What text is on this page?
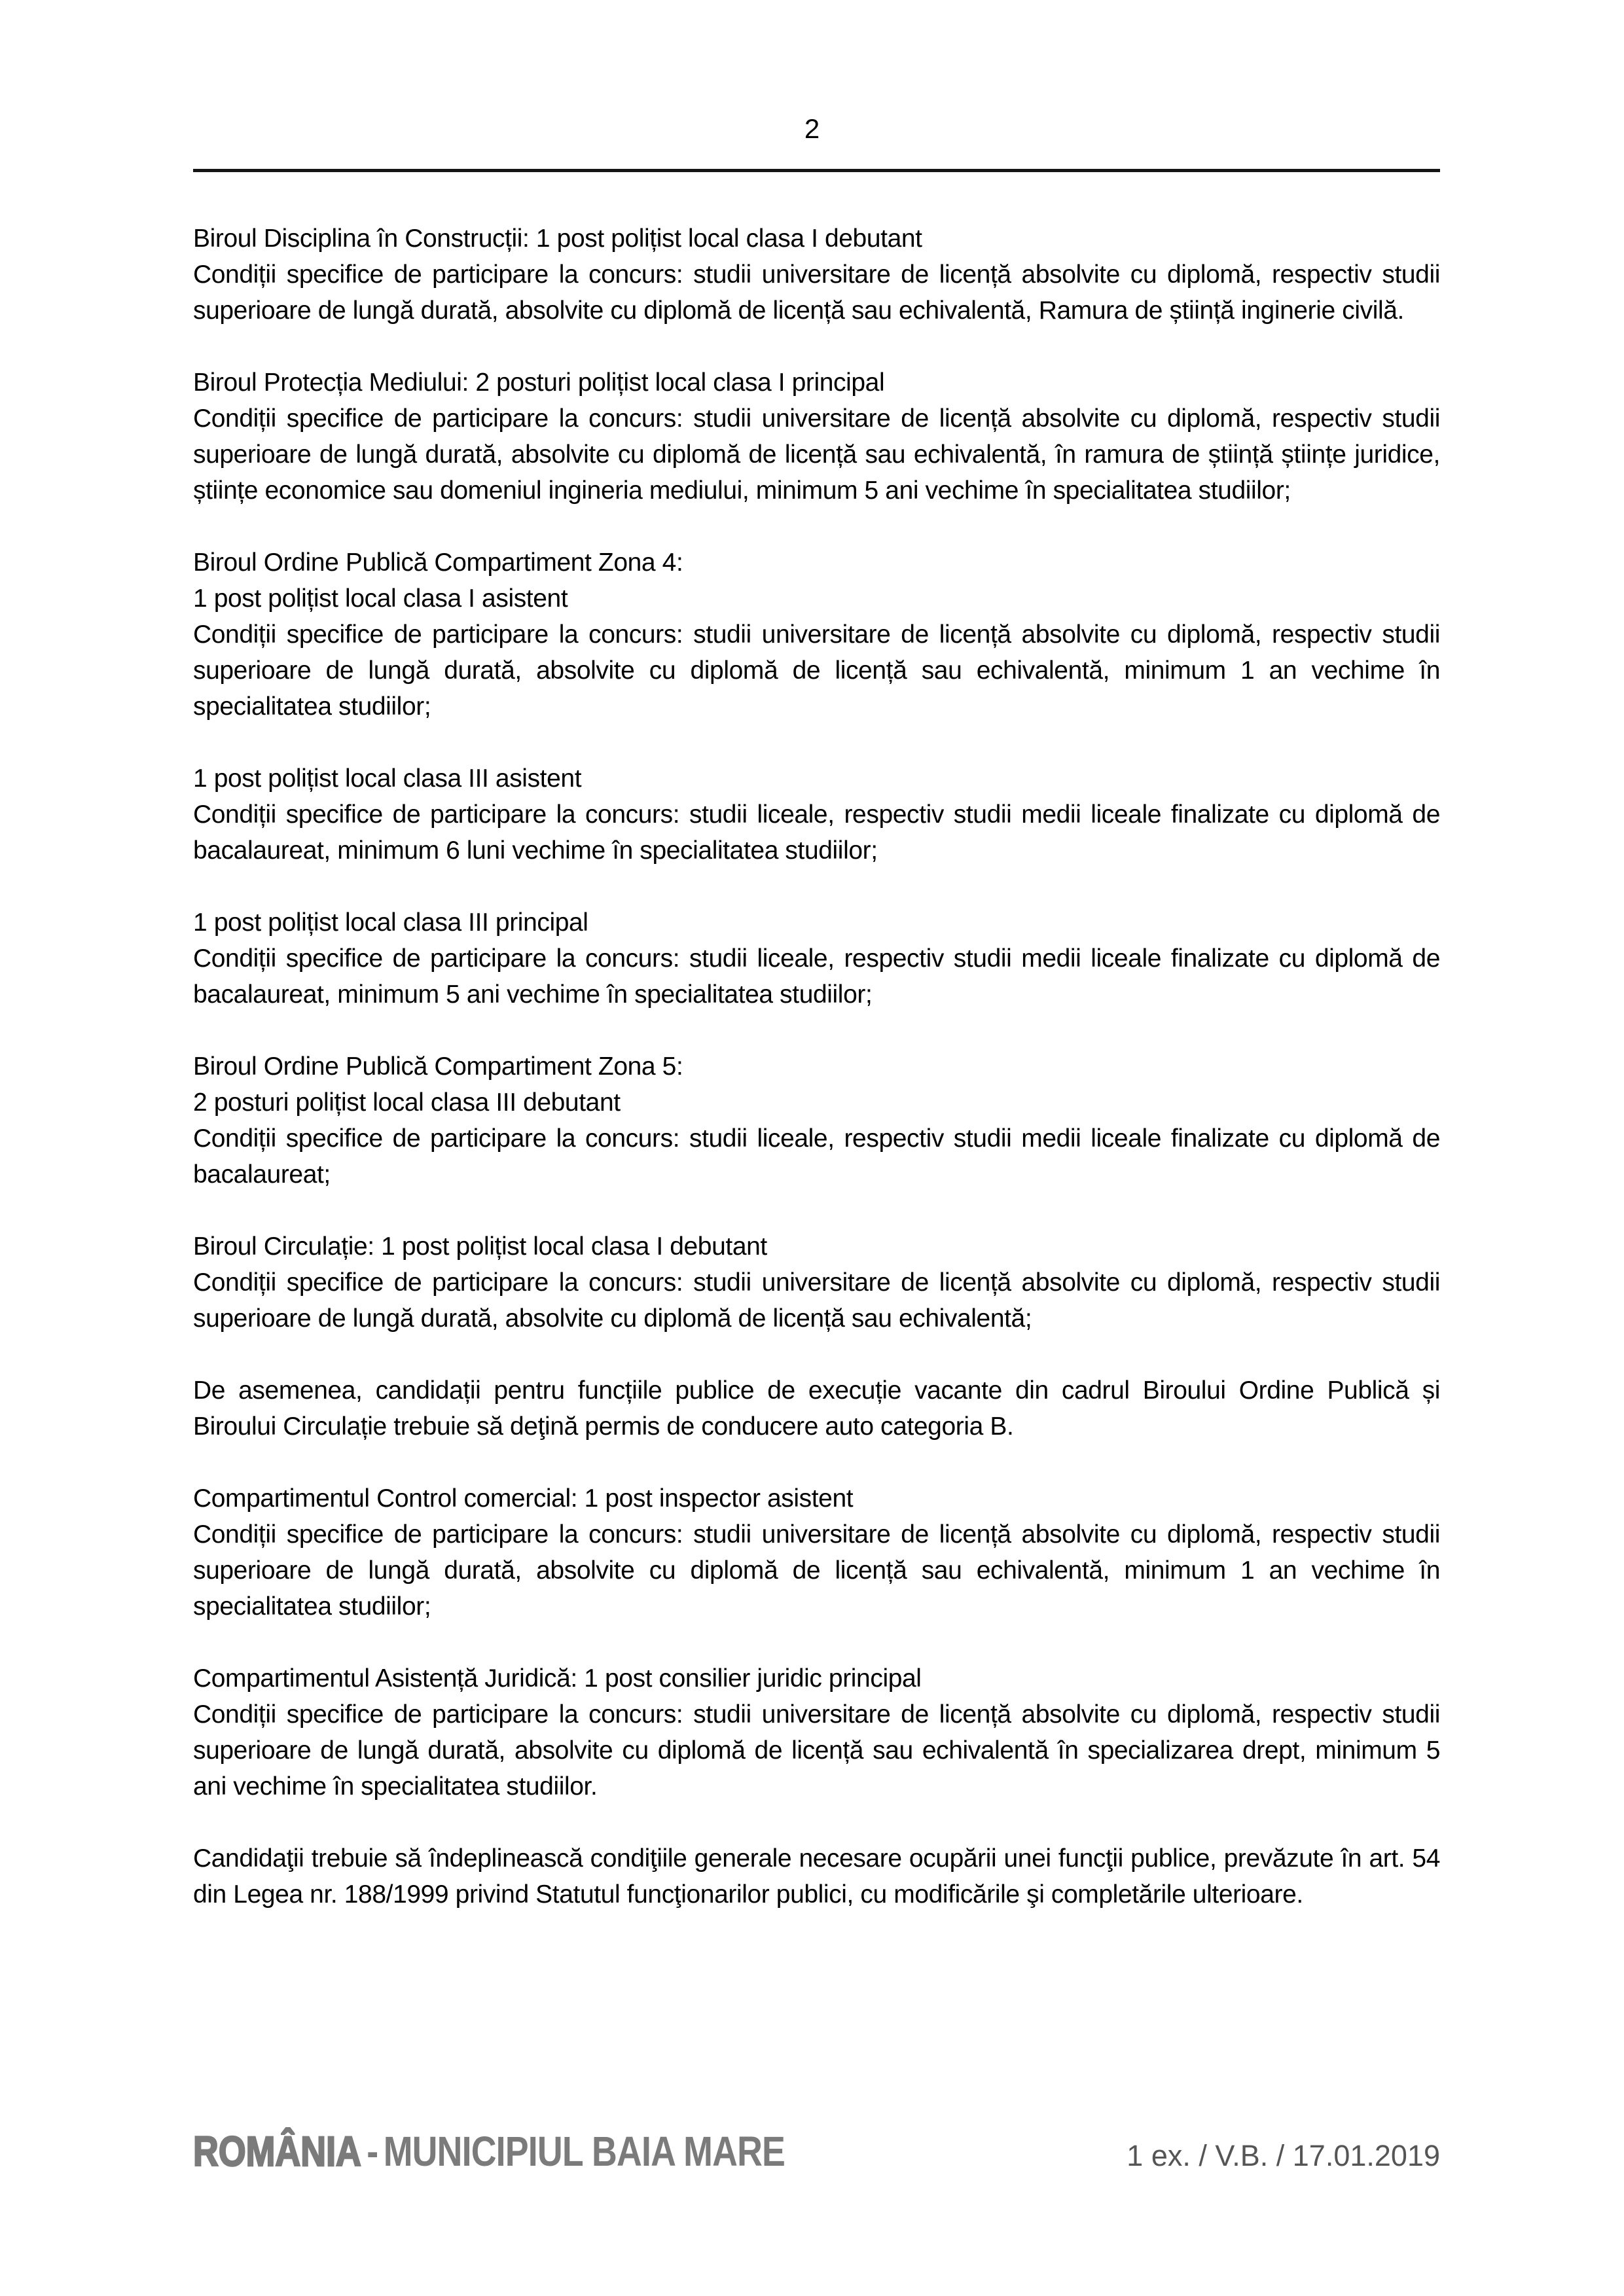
2

Biroul Disciplina în Construcții: 1 post polițist local clasa I debutant

Condiții specifice de participare la concurs: studii universitare de licență absolvite cu diplomă, respectiv studii superioare de lungă durată, absolvite cu diplomă de licență sau echivalentă, Ramura de știință inginerie civilă.

Biroul Protecția Mediului: 2 posturi polițist local clasa I principal

Condiții specifice de participare la concurs: studii universitare de licență absolvite cu diplomă, respectiv studii superioare de lungă durată, absolvite cu diplomă de licență sau echivalentă, în ramura de știință științe juridice, științe economice sau domeniul ingineria mediului, minimum 5 ani vechime în specialitatea studiilor;

Biroul Ordine Publică Compartiment Zona 4:

1 post polițist local clasa I asistent

Condiții specifice de participare la concurs: studii universitare de licență absolvite cu diplomă, respectiv studii superioare de lungă durată, absolvite cu diplomă de licență sau echivalentă, minimum 1 an vechime în specialitatea studiilor;

1 post polițist local clasa III asistent

Condiții specifice de participare la concurs: studii liceale, respectiv studii medii liceale finalizate cu diplomă de bacalaureat, minimum 6 luni vechime în specialitatea studiilor;

1 post polițist local clasa III principal

Condiții specifice de participare la concurs: studii liceale, respectiv studii medii liceale finalizate cu diplomă de bacalaureat, minimum 5 ani vechime în specialitatea studiilor;

Biroul Ordine Publică Compartiment Zona 5:

2 posturi polițist local clasa III debutant

Condiții specifice de participare la concurs: studii liceale, respectiv studii medii liceale finalizate cu diplomă de bacalaureat;

Biroul Circulație: 1 post polițist local clasa I debutant

Condiții specifice de participare la concurs: studii universitare de licență absolvite cu diplomă, respectiv studii superioare de lungă durată, absolvite cu diplomă de licență sau echivalentă;

De asemenea, candidații pentru funcțiile publice de execuție vacante din cadrul Biroului Ordine Publică și Biroului Circulație trebuie să deţină permis de conducere auto categoria B.

Compartimentul Control comercial: 1 post inspector asistent

Condiții specifice de participare la concurs: studii universitare de licență absolvite cu diplomă, respectiv studii superioare de lungă durată, absolvite cu diplomă de licență sau echivalentă, minimum 1 an vechime în specialitatea studiilor;

Compartimentul Asistență Juridică: 1 post consilier juridic principal

Condiții specifice de participare la concurs: studii universitare de licență absolvite cu diplomă, respectiv studii superioare de lungă durată, absolvite cu diplomă de licență sau echivalentă în specializarea drept, minimum 5 ani vechime în specialitatea studiilor.

Candidaţii trebuie să îndeplinească condiţiile generale necesare ocupării unei funcţii publice, prevăzute în art. 54 din Legea nr. 188/1999 privind Statutul funcţionarilor publici, cu modificările şi completările ulterioare.

ROMÂNIA - MUNICIPIUL BAIA MARE	1 ex. / V.B. / 17.01.2019
